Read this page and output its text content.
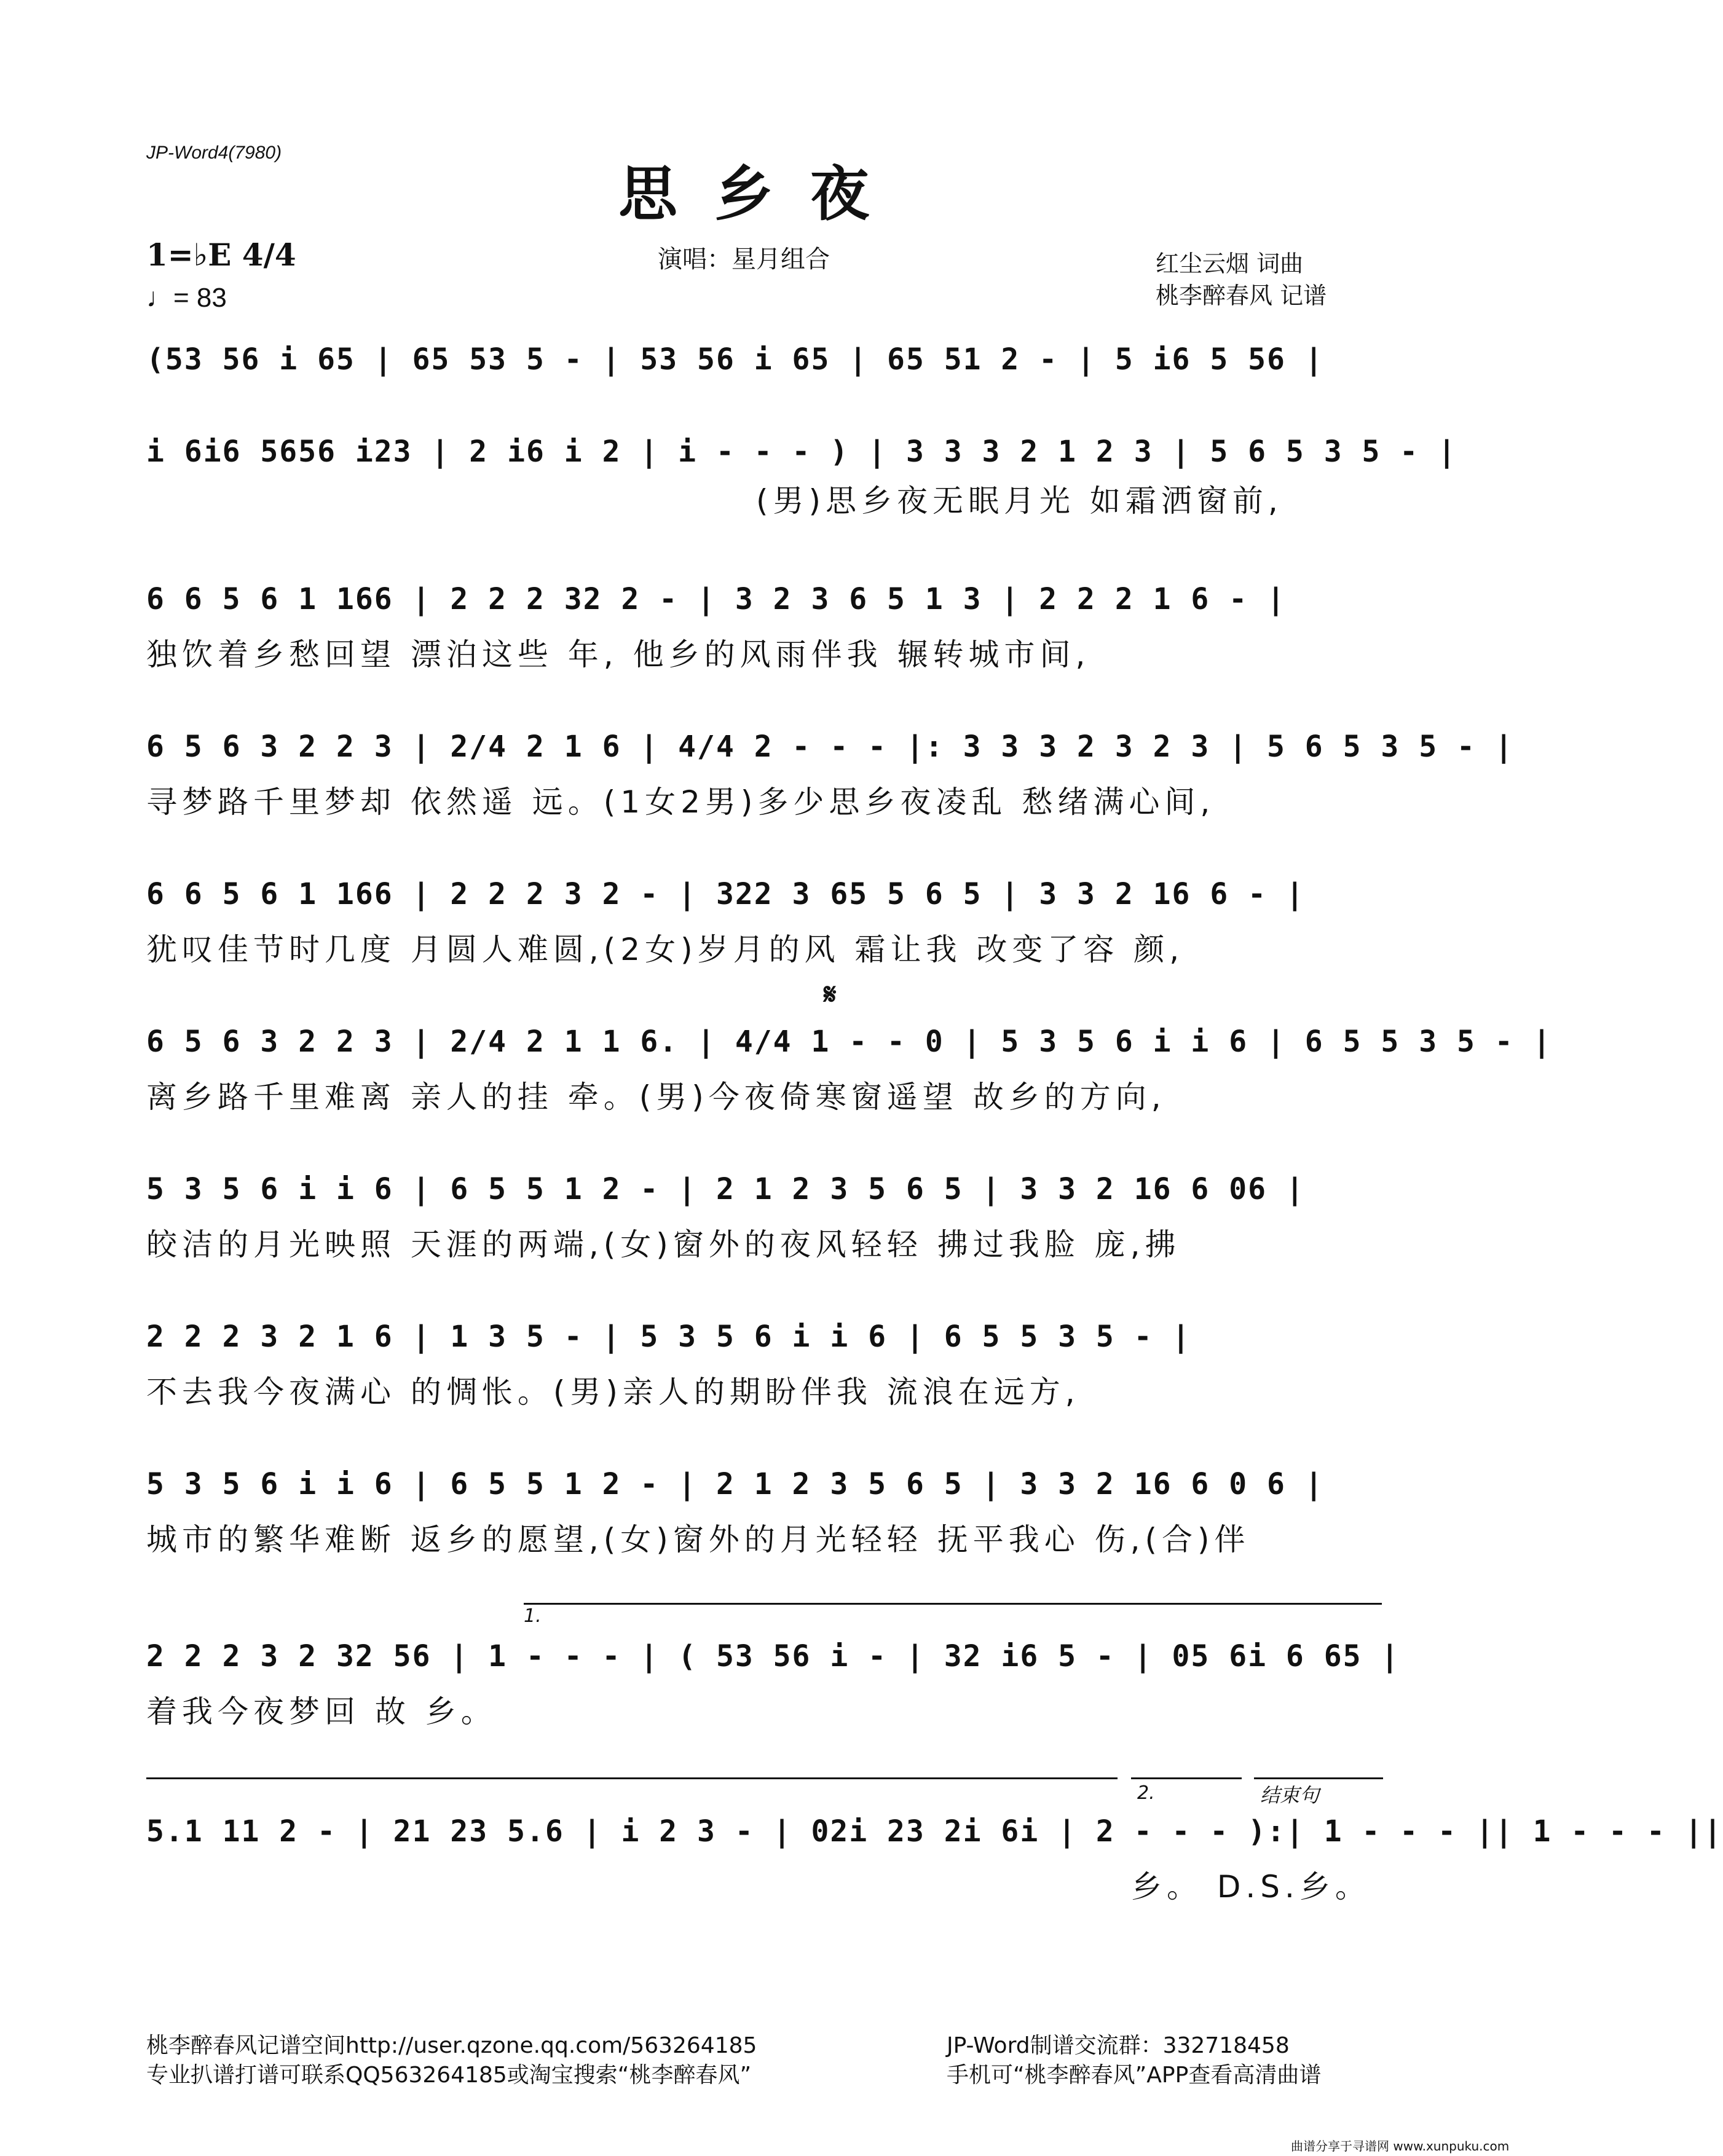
JP-Word4(7980)
思乡夜
1=♭E 4/4
♩= 83
演唱：星月组合	红尘云烟 词曲
桃李醉春风 记谱
(53 56 i 65 | 65 53 5 - | 53 56 i 65 | 65 51 2 - | 5 i6 5 56 |
i 6i6 5656 i23 | 2 i6 i 2 | i - - - ) | 3 3 3 2 1 2 3 | 5 6 5 3 5 - |
(男)思乡夜无眠月光 如霜洒窗前,
6 6 5 6 1 166 | 2 2 2 32 2 - | 3 2 3 6 5 1 3 | 2 2 2 1 6 - |
独饮着乡愁回望 漂泊这些 年, 他乡的风雨伴我 辗转城市间,
6 5 6 3 2 2 3 | 2/4 2 1 6 | 4/4 2 - - - |: 3 3 3 2 3 2 3 | 5 6 5 3 5 - |
寻梦路千里梦却 依然遥 远。(1女2男)多少思乡夜凌乱 愁绪满心间,
6 6 5 6 1 166 | 2 2 2 3 2 - | 322 3 65 5 6 5 | 3 3 2 16 6 - |
犹叹佳节时几度 月圆人难圆,(2女)岁月的风 霜让我 改变了容 颜,
𝄋
6 5 6 3 2 2 3 | 2/4 2 1 1 6. | 4/4 1 - - 0 | 5 3 5 6 i i 6 | 6 5 5 3 5 - |
离乡路千里难离 亲人的挂 牵。(男)今夜倚寒窗遥望 故乡的方向,
5 3 5 6 i i 6 | 6 5 5 1 2 - | 2 1 2 3 5 6 5 | 3 3 2 16 6 06 |
皎洁的月光映照 天涯的两端,(女)窗外的夜风轻轻 拂过我脸 庞,拂
2 2 2 3 2 1 6 | 1 3 5 - | 5 3 5 6 i i 6 | 6 5 5 3 5 - |
不去我今夜满心 的惆怅。(男)亲人的期盼伴我 流浪在远方,
5 3 5 6 i i 6 | 6 5 5 1 2 - | 2 1 2 3 5 6 5 | 3 3 2 16 6 0 6 |
城市的繁华难断 返乡的愿望,(女)窗外的月光轻轻 抚平我心 伤,(合)伴
1.
2 2 2 3 2 32 56 | 1 - - - | ( 53 56 i - | 32 i6 5 - | 05 6i 6 65 |
着我今夜梦回 故 乡。
2.	结束句
5.1 11 2 - | 21 23 5.6 | i 2 3 - | 02i 23 2i 6i | 2 - - - ):| 1 - - - || 1 - - - ||
乡。 D.S.乡。
桃李醉春风记谱空间http://user.qzone.qq.com/563264185
专业扒谱打谱可联系QQ563264185或淘宝搜索“桃李醉春风”
JP-Word制谱交流群：332718458
手机可“桃李醉春风”APP查看高清曲谱
曲谱分享于寻谱网 www.xunpuku.com
